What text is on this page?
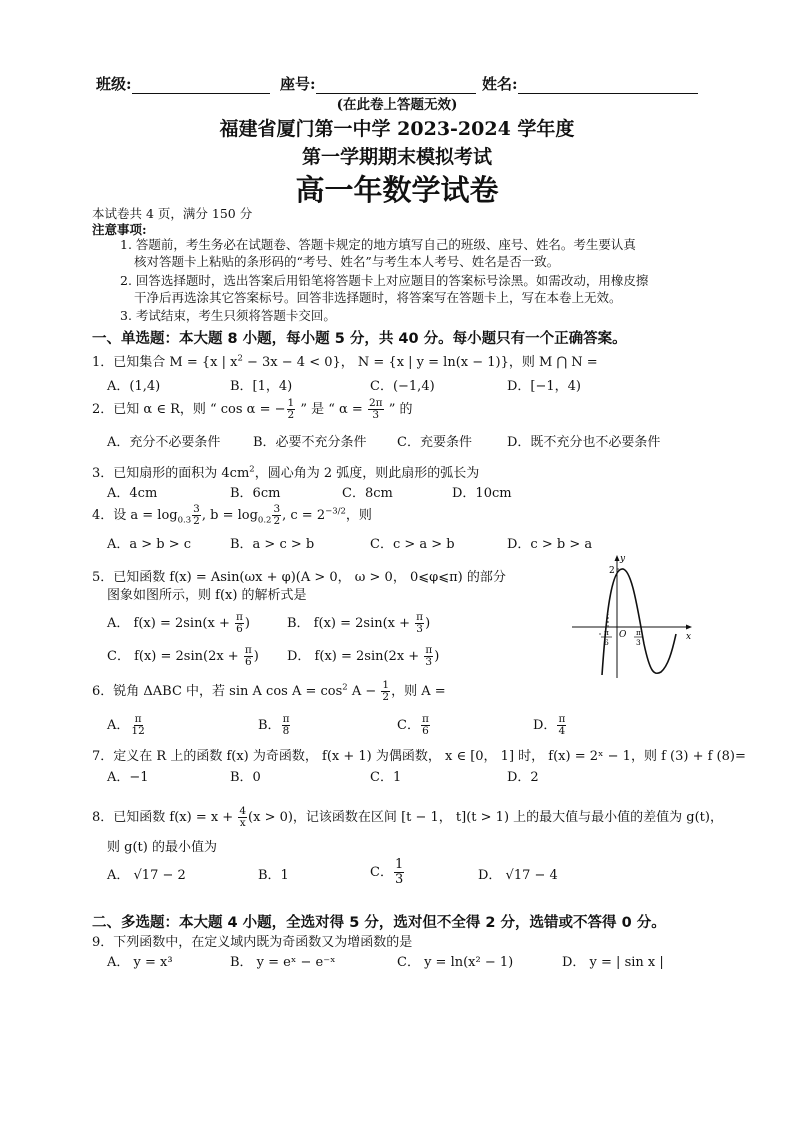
班级:	座号:	姓名:
(在此卷上答题无效)
福建省厦门第一中学 2023-2024 学年度
第一学期期末模拟考试
高一年数学试卷
本试卷共 4 页，满分 150 分
注意事项:
1. 答题前，考生务必在试题卷、答题卡规定的地方填写自己的班级、座号、姓名。考生要认真
核对答题卡上粘贴的条形码的“考号、姓名”与考生本人考号、姓名是否一致。
2. 回答选择题时，选出答案后用铅笔将答题卡上对应题目的答案标号涂黑。如需改动，用橡皮擦
干净后再选涂其它答案标号。回答非选择题时，将答案写在答题卡上，写在本卷上无效。
3. 考试结束，考生只须将答题卡交回。
一、单选题：本大题 8 小题，每小题 5 分，共 40 分。每小题只有一个正确答案。
1．已知集合 M = {x | $x^2 - 3x - 4 < 0$}， N = {x | y = ln(x − 1)}，则 M ⋂ N =
A．(1,4)	B．[1，4)	C．(−1,4)	D．[−1，4)
2．已知 α ∈ R，则 “ cos α = − $\frac{1}{2}$ ” 是 “ $\alpha = \frac{2\pi}{3}$ ” 的
A．充分不必要条件	B．必要不充分条件 C．充要条件	D．既不充分也不必要条件
3．已知扇形的面积为 $4cm^2$，圆心角为 2 弧度，则此扇形的弧长为
A．4cm	B．6cm	C．8cm	D．10cm
4．设 $a = \log_{0.3} \frac{3}{2}$ , $b = \log_{0.2} \frac{3}{2}$ , $c = 2^{-3/2}$，则
A．a > b > c	B．a > c > b	C．c > a > b	D．c > b > a
5．已知函数 f(x) = Asin(ωx + φ)(A > 0， ω > 0， 0⩽φ⩽π) 的部分
图象如图所示，则 f(x) 的解析式是
A． $f(x) = 2\sin(x + \frac{\pi}{6}$ )	B． $f(x) = 2\sin(x + \frac{\pi}{3}$ )
C． $f(x) = 2\sin(2x + \frac{\pi}{6}$ ) D． $f(x) = 2\sin(2x + \frac{\pi}{3}$ )
y
x
2
O
π
6
π
3
6．锐角 ΔABC 中，若 sin A $\cos A = \cos^2 A - \frac{1}{2}$ ，则 A =
A． $\frac{\pi}{12}$	B． $\frac{\pi}{8}$	C． $\frac{\pi}{6}$	D． $\frac{\pi}{4}$
7．定义在 R 上的函数 f(x) 为奇函数， f(x + 1) 为偶函数， x ∈ [0， 1] 时， f(x) = 2ˣ − 1，则 f (3) + f (8)=
A．−1	B．0	C．1	D．2
8．已知函数 $f(x) = x + \frac{4}{x} (x > 0)$，记该函数在区间 [t − 1， t](t > 1) 上的最大值与最小值的差值为 g(t)，
则 g(t) 的最小值为
A． √17 − 2	B．1	C． $\frac{1}{3}$	D． √17 − 4
二、多选题：本大题 4 小题，全选对得 5 分，选对但不全得 2 分，选错或不答得 0 分。
9．下列函数中，在定义域内既为奇函数又为增函数的是
A． y = x³	B． y = eˣ − e⁻ˣ	C． y = ln(x² − 1)	D． y = | sin x |
